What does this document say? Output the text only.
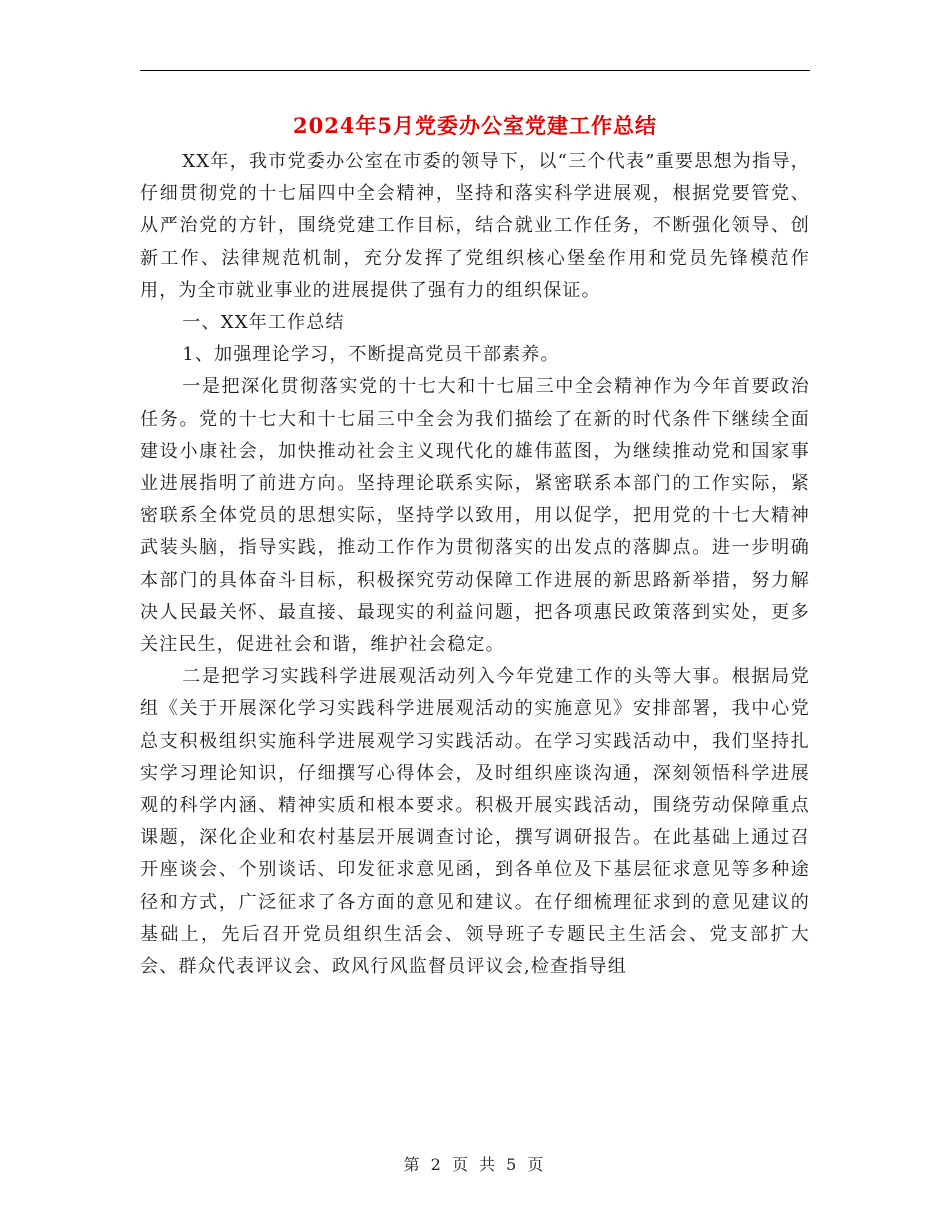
2024年5月党委办公室党建工作总结

XX年，我市党委办公室在市委的领导下，以“三个代表”重要思想为指导，仔细贯彻党的十七届四中全会精神，坚持和落实科学进展观，根据党要管党、从严治党的方针，围绕党建工作目标，结合就业工作任务，不断强化领导、创新工作、法律规范机制，充分发挥了党组织核心堡垒作用和党员先锋模范作用，为全市就业事业的进展提供了强有力的组织保证。

一、XX年工作总结

1、加强理论学习，不断提高党员干部素养。

一是把深化贯彻落实党的十七大和十七届三中全会精神作为今年首要政治任务。党的十七大和十七届三中全会为我们描绘了在新的时代条件下继续全面建设小康社会，加快推动社会主义现代化的雄伟蓝图，为继续推动党和国家事业进展指明了前进方向。坚持理论联系实际，紧密联系本部门的工作实际，紧密联系全体党员的思想实际，坚持学以致用，用以促学，把用党的十七大精神武装头脑，指导实践，推动工作作为贯彻落实的出发点的落脚点。进一步明确本部门的具体奋斗目标，积极探究劳动保障工作进展的新思路新举措，努力解决人民最关怀、最直接、最现实的利益问题，把各项惠民政策落到实处，更多关注民生，促进社会和谐，维护社会稳定。

二是把学习实践科学进展观活动列入今年党建工作的头等大事。根据局党组《关于开展深化学习实践科学进展观活动的实施意见》安排部署，我中心党总支积极组织实施科学进展观学习实践活动。在学习实践活动中，我们坚持扎实学习理论知识，仔细撰写心得体会，及时组织座谈沟通，深刻领悟科学进展观的科学内涵、精神实质和根本要求。积极开展实践活动，围绕劳动保障重点课题，深化企业和农村基层开展调查讨论，撰写调研报告。在此基础上通过召开座谈会、个别谈话、印发征求意见函，到各单位及下基层征求意见等多种途径和方式，广泛征求了各方面的意见和建议。在仔细梳理征求到的意见建议的基础上，先后召开党员组织生活会、领导班子专题民主生活会、党支部扩大会、群众代表评议会、政风行风监督员评议会,检查指导组

第 2 页 共 5 页
